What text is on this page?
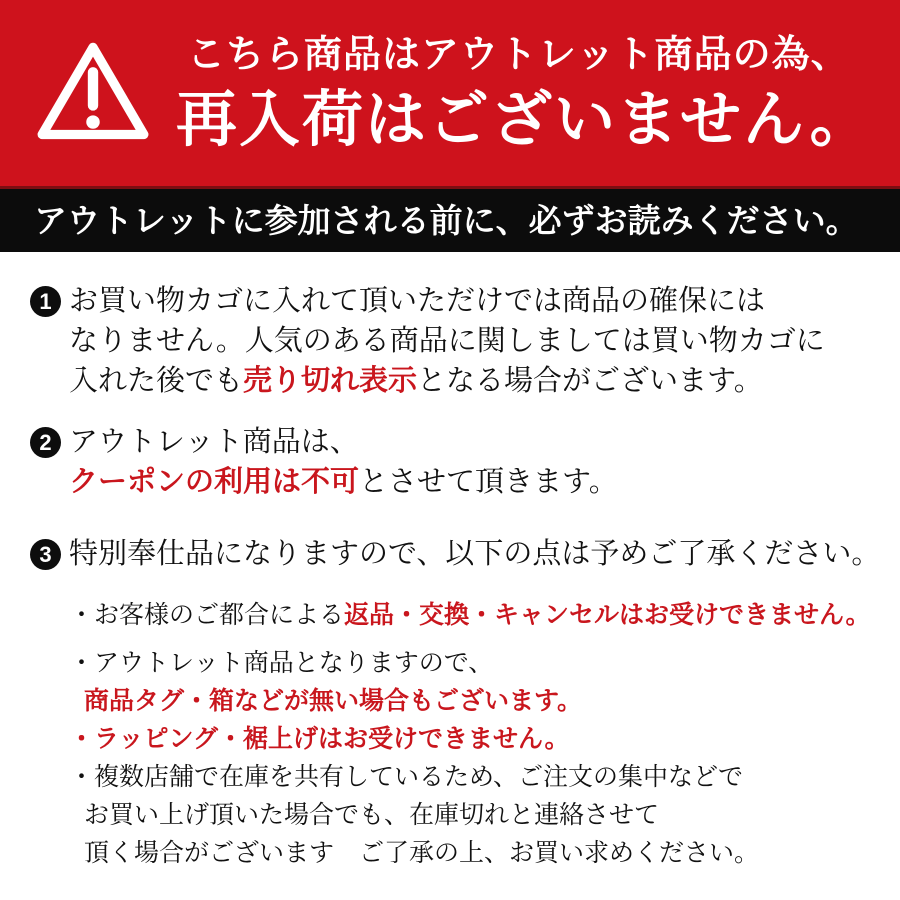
こちら商品はアウトレット商品の為、
再入荷はございません。
アウトレットに参加される前に、必ずお読みください。
1 お買い物カゴに入れて頂いただけでは商品の確保には
なりません。人気のある商品に関しましては買い物カゴに
入れた後でも売り切れ表示となる場合がございます。
2 アウトレット商品は、
クーポンの利用は不可とさせて頂きます。
3 特別奉仕品になりますので、以下の点は予めご了承ください。
・お客様のご都合による返品・交換・キャンセルはお受けできません。
・アウトレット商品となりますので、
商品タグ・箱などが無い場合もございます。
・ラッピング・裾上げはお受けできません。
・複数店舗で在庫を共有しているため、ご注文の集中などで
お買い上げ頂いた場合でも、在庫切れと連絡させて
頂く場合がございます　ご了承の上、お買い求めください。
